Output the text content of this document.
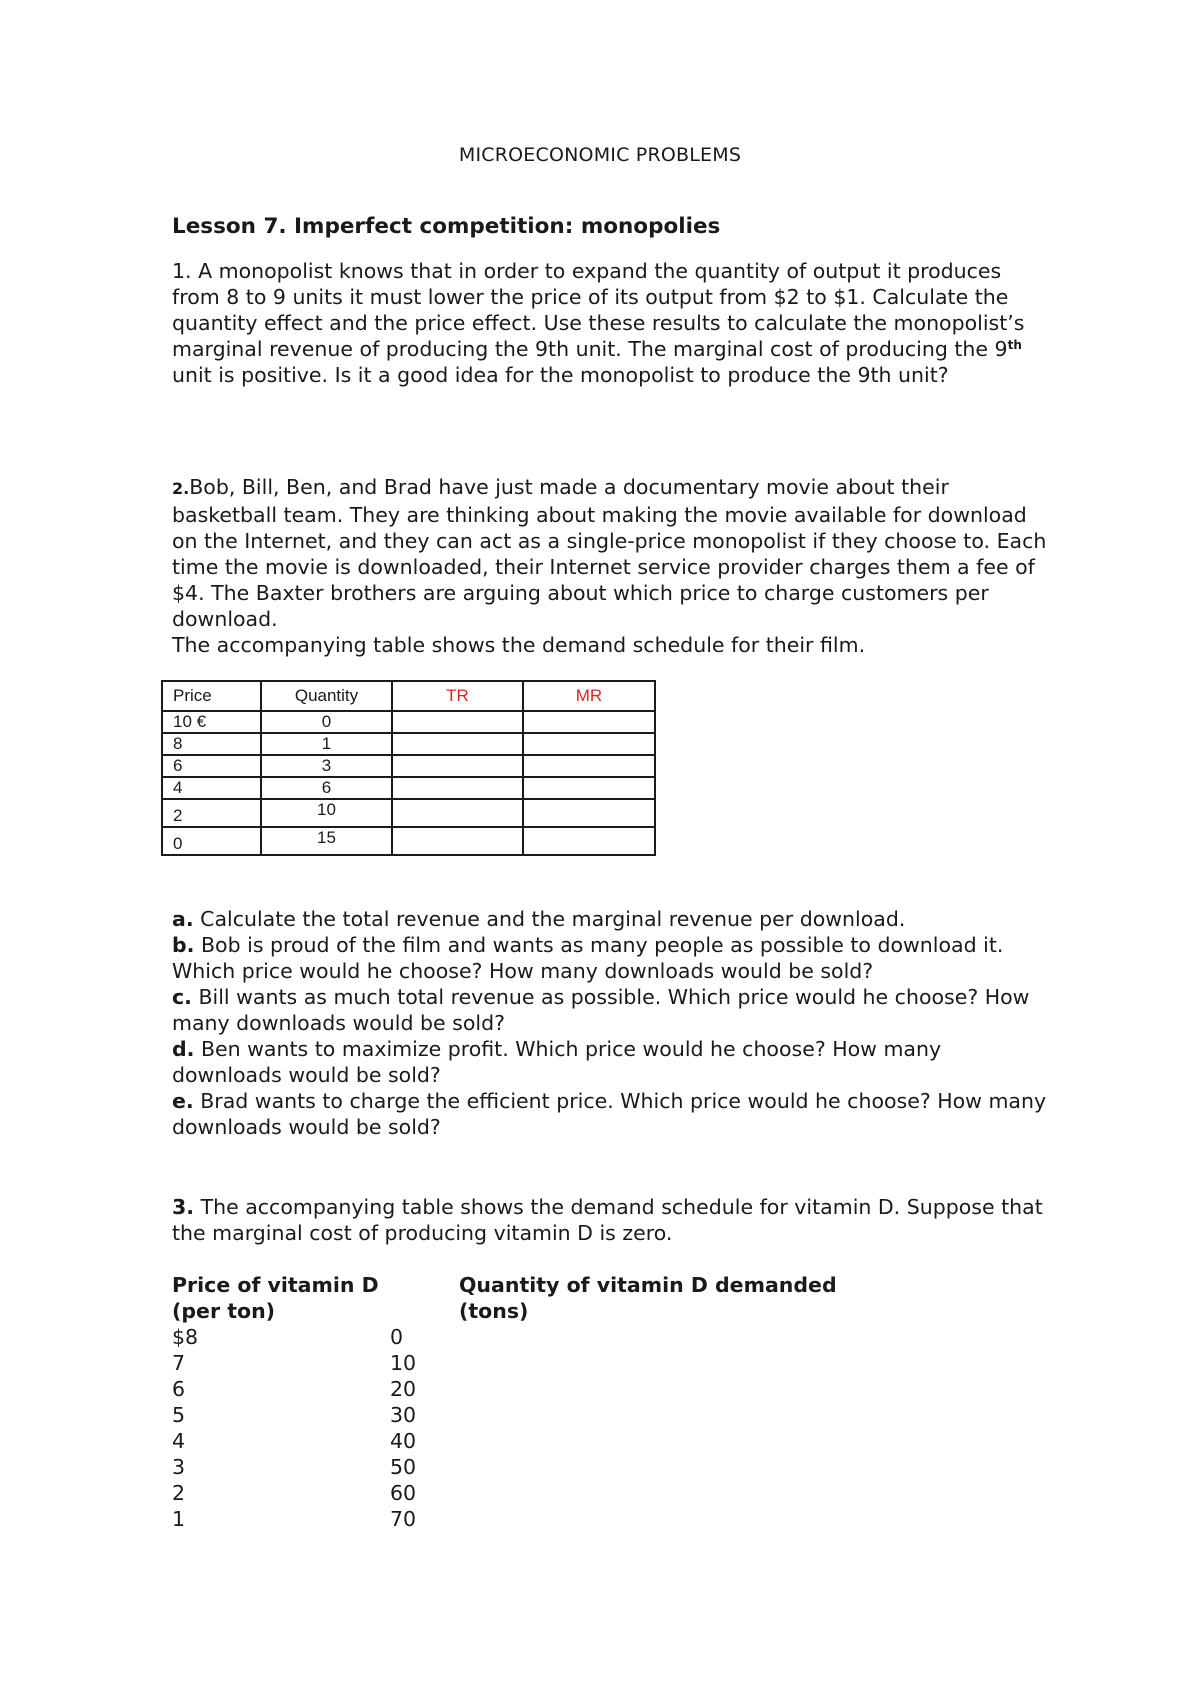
MICROECONOMIC PROBLEMS
Lesson 7. Imperfect competition: monopolies

1. A monopolist knows that in order to expand the quantity of output it produces from 8 to 9 units it must lower the price of its output from $2 to $1. Calculate the quantity effect and the price effect. Use these results to calculate the monopolist’s marginal revenue of producing the 9th unit. The marginal cost of producing the 9th unit is positive. Is it a good idea for the monopolist to produce the 9th unit?

2.Bob, Bill, Ben, and Brad have just made a documentary movie about their basketball team. They are thinking about making the movie available for download on the Internet, and they can act as a single-price monopolist if they choose to. Each time the movie is downloaded, their Internet service provider charges them a fee of $4. The Baxter brothers are arguing about which price to charge customers per download.

The accompanying table shows the demand schedule for their film.

Price	Quantity	TR	MR
10 €	0		
8	1		
6	3		
4	6		
2	10		
0	15		

a. Calculate the total revenue and the marginal revenue per download.

b. Bob is proud of the film and wants as many people as possible to download it. Which price would he choose? How many downloads would be sold?

c. Bill wants as much total revenue as possible. Which price would he choose? How many downloads would be sold?

d. Ben wants to maximize profit. Which price would he choose? How many downloads would be sold?

e. Brad wants to charge the efficient price. Which price would he choose? How many downloads would be sold?

3. The accompanying table shows the demand schedule for vitamin D. Suppose that the marginal cost of producing vitamin D is zero.

Price of vitamin D
(per ton)
Quantity of vitamin D demanded
(tons)
$8	0
7	10
6	20
5	30
4	40
3	50
2	60
1	70
